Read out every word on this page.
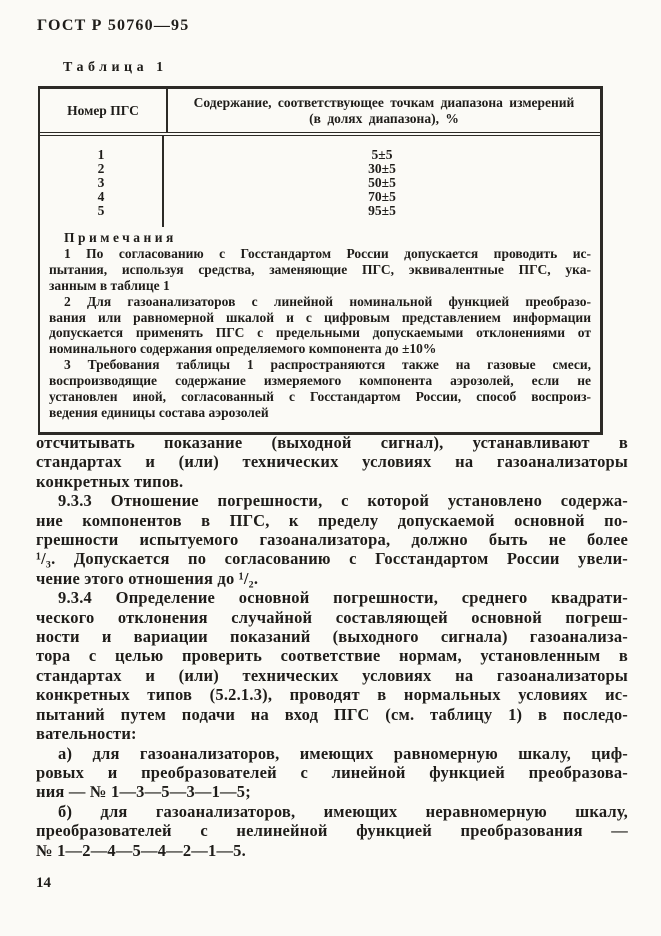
ГОСТ Р 50760—95
Таблица 1
Номер ПГС	Содержание, соответствующее точкам диапазона измерений
(в долях диапазона), %
1
2
3
4
5
5±5
30±5
50±5
70±5
95±5
Примечания
1 По согласованию с Госстандартом России допускается проводить ис-
пытания, используя средства, заменяющие ПГС, эквивалентные ПГС, ука-
занным в таблице 1
2 Для газоанализаторов с линейной номинальной функцией преобразо-
вания или равномерной шкалой и с цифровым представлением информации
допускается применять ПГС с предельными допускаемыми отклонениями от
номинального содержания определяемого компонента до ±10%
3 Требования таблицы 1 распространяются также на газовые смеси,
воспроизводящие содержание измеряемого компонента аэрозолей, если не
установлен иной, согласованный с Госстандартом России, способ воспроиз-
ведения единицы состава аэрозолей
отсчитывать показание (выходной сигнал), устанавливают в
стандартах и (или) технических условиях на газоанализаторы
конкретных типов.
9.3.3 Отношение погрешности, с которой установлено содержа-
ние компонентов в ПГС, к пределу допускаемой основной по-
грешности испытуемого газоанализатора, должно быть не более
¹/₃. Допускается по согласованию с Госстандартом России увели-
чение этого отношения до ¹/₂.
9.3.4 Определение основной погрешности, среднего квадрати-
ческого отклонения случайной составляющей основной погреш-
ности и вариации показаний (выходного сигнала) газоанализа-
тора с целью проверить соответствие нормам, установленным в
стандартах и (или) технических условиях на газоанализаторы
конкретных типов (5.2.1.3), проводят в нормальных условиях ис-
пытаний путем подачи на вход ПГС (см. таблицу 1) в последо-
вательности:
а) для газоанализаторов, имеющих равномерную шкалу, циф-
ровых и преобразователей с линейной функцией преобразова-
ния — № 1—3—5—3—1—5;
б) для газоанализаторов, имеющих неравномерную шкалу,
преобразователей с нелинейной функцией преобразования —
№ 1—2—4—5—4—2—1—5.
14
